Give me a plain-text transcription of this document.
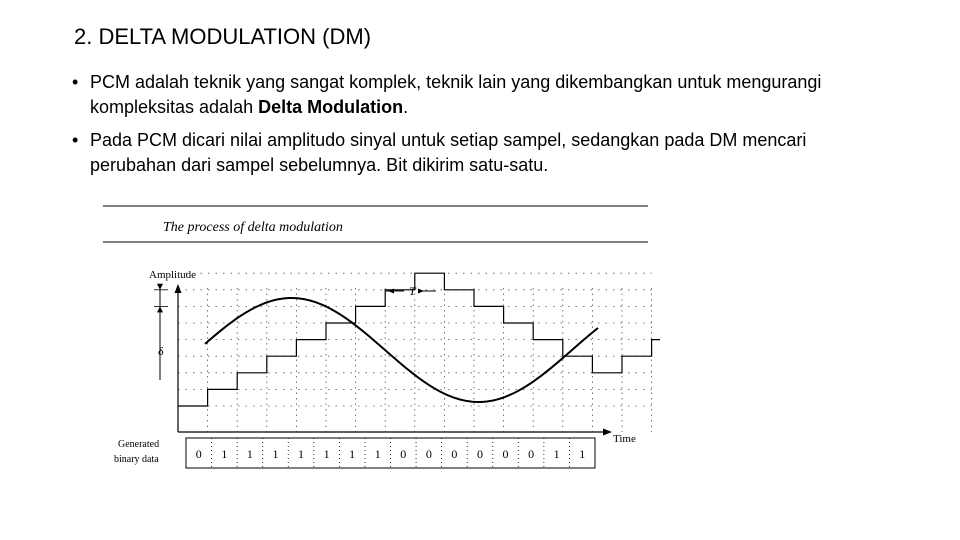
2. DELTA MODULATION (DM)
• PCM adalah teknik yang sangat komplek, teknik lain yang dikembangkan untuk mengurangi kompleksitas adalah Delta Modulation.
• Pada PCM dicari nilai amplitudo sinyal untuk setiap sampel, sedangkan pada DM mencari perubahan dari sampel sebelumnya. Bit dikirim satu-satu.
The process of delta modulation
Amplitude
Time
Generated
binary data
T
δ
0 1 1 1 1 1 1 1 0 0 0 0 0 0 1 1
